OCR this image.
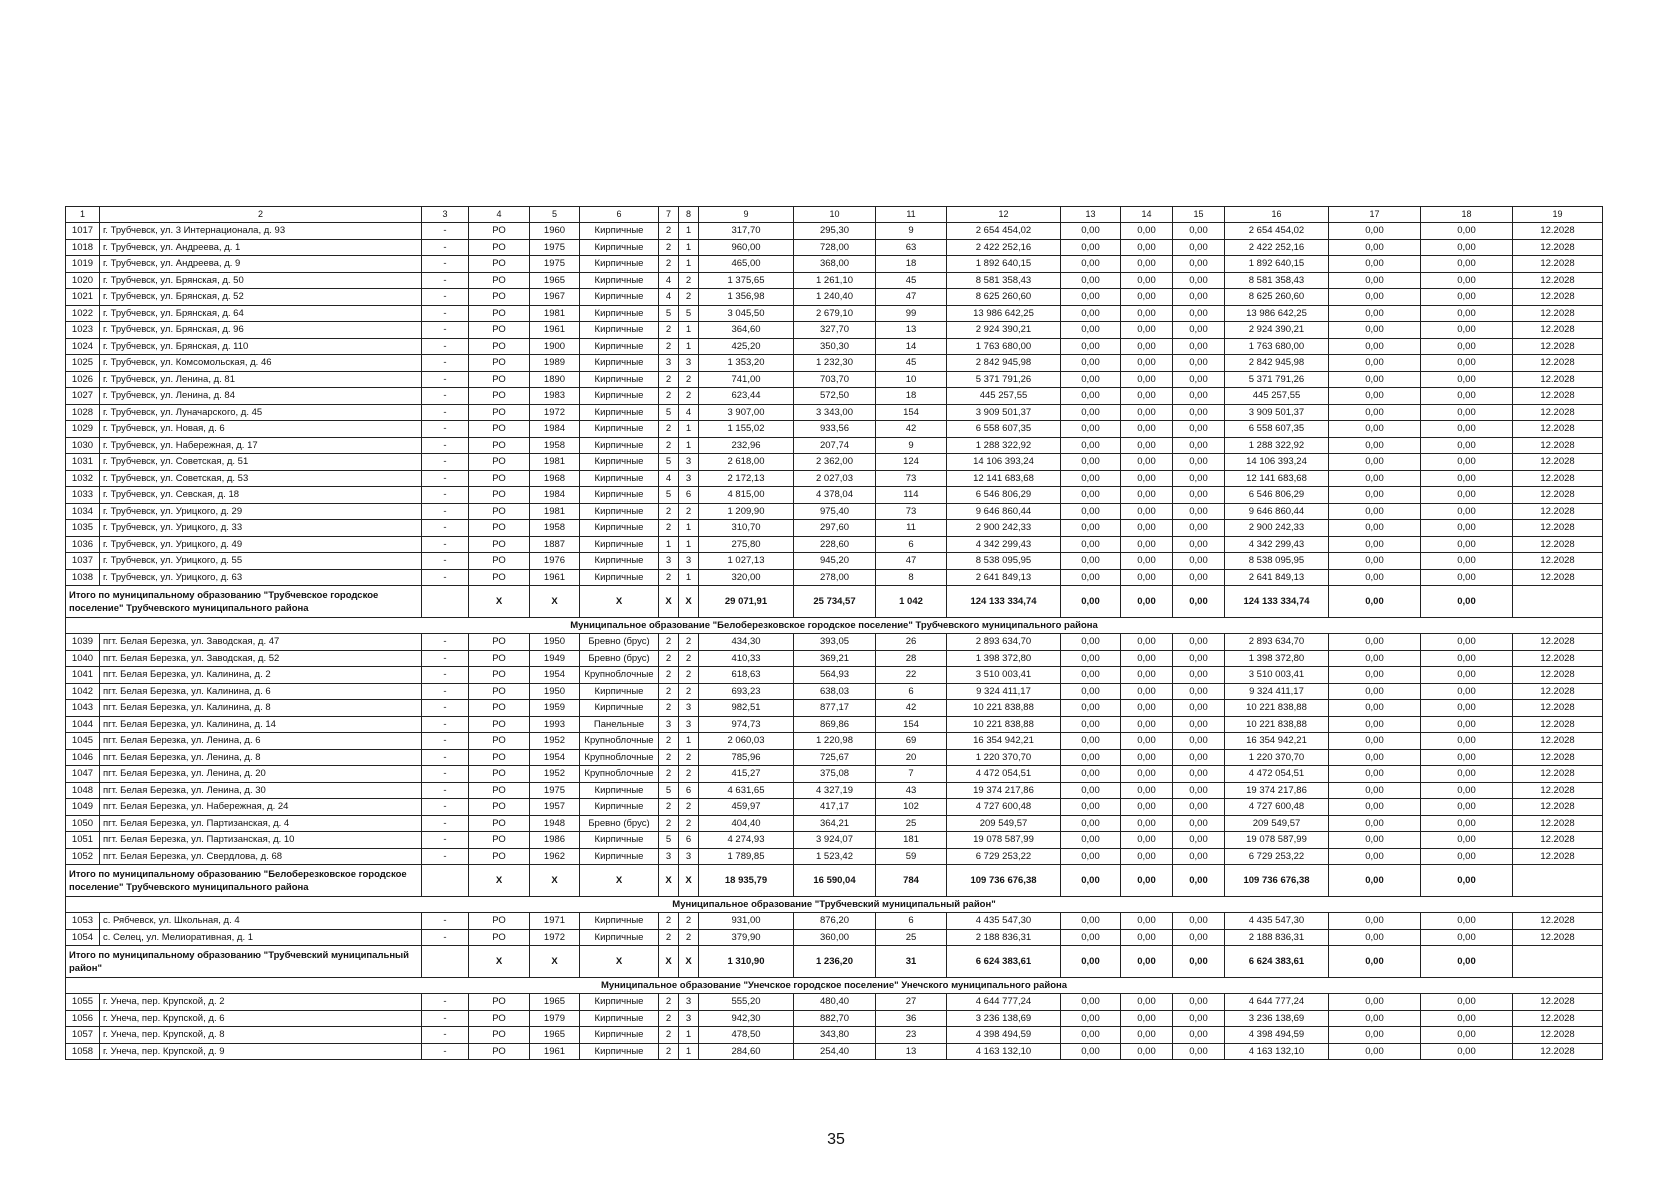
1	2	3	4	5	6	7	8	9	10	11	12	13	14	15	16	17	18	19
1017	г. Трубчевск, ул. 3 Интернационала, д. 93	-	РО	1960	Кирпичные	2	1	317,70	295,30	9	2 654 454,02	0,00	0,00	0,00	2 654 454,02	0,00	0,00	12.2028
1018	г. Трубчевск, ул. Андреева, д. 1	-	РО	1975	Кирпичные	2	1	960,00	728,00	63	2 422 252,16	0,00	0,00	0,00	2 422 252,16	0,00	0,00	12.2028
1019	г. Трубчевск, ул. Андреева, д. 9	-	РО	1975	Кирпичные	2	1	465,00	368,00	18	1 892 640,15	0,00	0,00	0,00	1 892 640,15	0,00	0,00	12.2028
1020	г. Трубчевск, ул. Брянская, д. 50	-	РО	1965	Кирпичные	4	2	1 375,65	1 261,10	45	8 581 358,43	0,00	0,00	0,00	8 581 358,43	0,00	0,00	12.2028
1021	г. Трубчевск, ул. Брянская, д. 52	-	РО	1967	Кирпичные	4	2	1 356,98	1 240,40	47	8 625 260,60	0,00	0,00	0,00	8 625 260,60	0,00	0,00	12.2028
1022	г. Трубчевск, ул. Брянская, д. 64	-	РО	1981	Кирпичные	5	5	3 045,50	2 679,10	99	13 986 642,25	0,00	0,00	0,00	13 986 642,25	0,00	0,00	12.2028
1023	г. Трубчевск, ул. Брянская, д. 96	-	РО	1961	Кирпичные	2	1	364,60	327,70	13	2 924 390,21	0,00	0,00	0,00	2 924 390,21	0,00	0,00	12.2028
1024	г. Трубчевск, ул. Брянская, д. 110	-	РО	1900	Кирпичные	2	1	425,20	350,30	14	1 763 680,00	0,00	0,00	0,00	1 763 680,00	0,00	0,00	12.2028
1025	г. Трубчевск, ул. Комсомольская, д. 46	-	РО	1989	Кирпичные	3	3	1 353,20	1 232,30	45	2 842 945,98	0,00	0,00	0,00	2 842 945,98	0,00	0,00	12.2028
1026	г. Трубчевск, ул. Ленина, д. 81	-	РО	1890	Кирпичные	2	2	741,00	703,70	10	5 371 791,26	0,00	0,00	0,00	5 371 791,26	0,00	0,00	12.2028
1027	г. Трубчевск, ул. Ленина, д. 84	-	РО	1983	Кирпичные	2	2	623,44	572,50	18	445 257,55	0,00	0,00	0,00	445 257,55	0,00	0,00	12.2028
1028	г. Трубчевск, ул. Луначарского, д. 45	-	РО	1972	Кирпичные	5	4	3 907,00	3 343,00	154	3 909 501,37	0,00	0,00	0,00	3 909 501,37	0,00	0,00	12.2028
1029	г. Трубчевск, ул. Новая, д. 6	-	РО	1984	Кирпичные	2	1	1 155,02	933,56	42	6 558 607,35	0,00	0,00	0,00	6 558 607,35	0,00	0,00	12.2028
1030	г. Трубчевск, ул. Набережная, д. 17	-	РО	1958	Кирпичные	2	1	232,96	207,74	9	1 288 322,92	0,00	0,00	0,00	1 288 322,92	0,00	0,00	12.2028
1031	г. Трубчевск, ул. Советская, д. 51	-	РО	1981	Кирпичные	5	3	2 618,00	2 362,00	124	14 106 393,24	0,00	0,00	0,00	14 106 393,24	0,00	0,00	12.2028
1032	г. Трубчевск, ул. Советская, д. 53	-	РО	1968	Кирпичные	4	3	2 172,13	2 027,03	73	12 141 683,68	0,00	0,00	0,00	12 141 683,68	0,00	0,00	12.2028
1033	г. Трубчевск, ул. Севская, д. 18	-	РО	1984	Кирпичные	5	6	4 815,00	4 378,04	114	6 546 806,29	0,00	0,00	0,00	6 546 806,29	0,00	0,00	12.2028
1034	г. Трубчевск, ул. Урицкого, д. 29	-	РО	1981	Кирпичные	2	2	1 209,90	975,40	73	9 646 860,44	0,00	0,00	0,00	9 646 860,44	0,00	0,00	12.2028
1035	г. Трубчевск, ул. Урицкого, д. 33	-	РО	1958	Кирпичные	2	1	310,70	297,60	11	2 900 242,33	0,00	0,00	0,00	2 900 242,33	0,00	0,00	12.2028
1036	г. Трубчевск, ул. Урицкого, д. 49	-	РО	1887	Кирпичные	1	1	275,80	228,60	6	4 342 299,43	0,00	0,00	0,00	4 342 299,43	0,00	0,00	12.2028
1037	г. Трубчевск, ул. Урицкого, д. 55	-	РО	1976	Кирпичные	3	3	1 027,13	945,20	47	8 538 095,95	0,00	0,00	0,00	8 538 095,95	0,00	0,00	12.2028
1038	г. Трубчевск, ул. Урицкого, д. 63	-	РО	1961	Кирпичные	2	1	320,00	278,00	8	2 641 849,13	0,00	0,00	0,00	2 641 849,13	0,00	0,00	12.2028
Итого по муниципальному образованию "Трубчевское городское поселение" Трубчевского муниципального района			Х	Х	Х	Х	Х	29 071,91	25 734,57	1 042	124 133 334,74	0,00	0,00	0,00	124 133 334,74	0,00	0,00	
Муниципальное образование "Белоберезковское городское поселение" Трубчевского муниципального района																		
1039	пгт. Белая Березка, ул. Заводская, д. 47	-	РО	1950	Бревно (брус)	2	2	434,30	393,05	26	2 893 634,70	0,00	0,00	0,00	2 893 634,70	0,00	0,00	12.2028
1040	пгт. Белая Березка, ул. Заводская, д. 52	-	РО	1949	Бревно (брус)	2	2	410,33	369,21	28	1 398 372,80	0,00	0,00	0,00	1 398 372,80	0,00	0,00	12.2028
1041	пгт. Белая Березка, ул. Калинина, д. 2	-	РО	1954	Крупноблочные	2	2	618,63	564,93	22	3 510 003,41	0,00	0,00	0,00	3 510 003,41	0,00	0,00	12.2028
1042	пгт. Белая Березка, ул. Калинина, д. 6	-	РО	1950	Кирпичные	2	2	693,23	638,03	6	9 324 411,17	0,00	0,00	0,00	9 324 411,17	0,00	0,00	12.2028
1043	пгт. Белая Березка, ул. Калинина, д. 8	-	РО	1959	Кирпичные	2	3	982,51	877,17	42	10 221 838,88	0,00	0,00	0,00	10 221 838,88	0,00	0,00	12.2028
1044	пгт. Белая Березка, ул. Калинина, д. 14	-	РО	1993	Панельные	3	3	974,73	869,86	154	10 221 838,88	0,00	0,00	0,00	10 221 838,88	0,00	0,00	12.2028
1045	пгт. Белая Березка, ул. Ленина, д. 6	-	РО	1952	Крупноблочные	2	1	2 060,03	1 220,98	69	16 354 942,21	0,00	0,00	0,00	16 354 942,21	0,00	0,00	12.2028
1046	пгт. Белая Березка, ул. Ленина, д. 8	-	РО	1954	Крупноблочные	2	2	785,96	725,67	20	1 220 370,70	0,00	0,00	0,00	1 220 370,70	0,00	0,00	12.2028
1047	пгт. Белая Березка, ул. Ленина, д. 20	-	РО	1952	Крупноблочные	2	2	415,27	375,08	7	4 472 054,51	0,00	0,00	0,00	4 472 054,51	0,00	0,00	12.2028
1048	пгт. Белая Березка, ул. Ленина, д. 30	-	РО	1975	Кирпичные	5	6	4 631,65	4 327,19	43	19 374 217,86	0,00	0,00	0,00	19 374 217,86	0,00	0,00	12.2028
1049	пгт. Белая Березка, ул. Набережная, д. 24	-	РО	1957	Кирпичные	2	2	459,97	417,17	102	4 727 600,48	0,00	0,00	0,00	4 727 600,48	0,00	0,00	12.2028
1050	пгт. Белая Березка, ул. Партизанская, д. 4	-	РО	1948	Бревно (брус)	2	2	404,40	364,21	25	209 549,57	0,00	0,00	0,00	209 549,57	0,00	0,00	12.2028
1051	пгт. Белая Березка, ул. Партизанская, д. 10	-	РО	1986	Кирпичные	5	6	4 274,93	3 924,07	181	19 078 587,99	0,00	0,00	0,00	19 078 587,99	0,00	0,00	12.2028
1052	пгт. Белая Березка, ул. Свердлова, д. 68	-	РО	1962	Кирпичные	3	3	1 789,85	1 523,42	59	6 729 253,22	0,00	0,00	0,00	6 729 253,22	0,00	0,00	12.2028
Итого по муниципальному образованию "Белоберезковское городское поселение" Трубчевского муниципального района			Х	Х	Х	Х	Х	18 935,79	16 590,04	784	109 736 676,38	0,00	0,00	0,00	109 736 676,38	0,00	0,00	
Муниципальное образование "Трубчевский муниципальный район"																		
1053	с. Рябчевск, ул. Школьная, д. 4	-	РО	1971	Кирпичные	2	2	931,00	876,20	6	4 435 547,30	0,00	0,00	0,00	4 435 547,30	0,00	0,00	12.2028
1054	с. Селец, ул. Мелиоративная, д. 1	-	РО	1972	Кирпичные	2	2	379,90	360,00	25	2 188 836,31	0,00	0,00	0,00	2 188 836,31	0,00	0,00	12.2028
Итого по муниципальному образованию "Трубчевский муниципальный район"			Х	Х	Х	Х	Х	1 310,90	1 236,20	31	6 624 383,61	0,00	0,00	0,00	6 624 383,61	0,00	0,00	
Муниципальное образование "Унечское городское поселение" Унечского муниципального района																		
1055	г. Унеча, пер. Крупской, д. 2	-	РО	1965	Кирпичные	2	3	555,20	480,40	27	4 644 777,24	0,00	0,00	0,00	4 644 777,24	0,00	0,00	12.2028
1056	г. Унеча, пер. Крупской, д. 6	-	РО	1979	Кирпичные	2	3	942,30	882,70	36	3 236 138,69	0,00	0,00	0,00	3 236 138,69	0,00	0,00	12.2028
1057	г. Унеча, пер. Крупской, д. 8	-	РО	1965	Кирпичные	2	1	478,50	343,80	23	4 398 494,59	0,00	0,00	0,00	4 398 494,59	0,00	0,00	12.2028
1058	г. Унеча, пер. Крупской, д. 9	-	РО	1961	Кирпичные	2	1	284,60	254,40	13	4 163 132,10	0,00	0,00	0,00	4 163 132,10	0,00	0,00	12.2028
35
